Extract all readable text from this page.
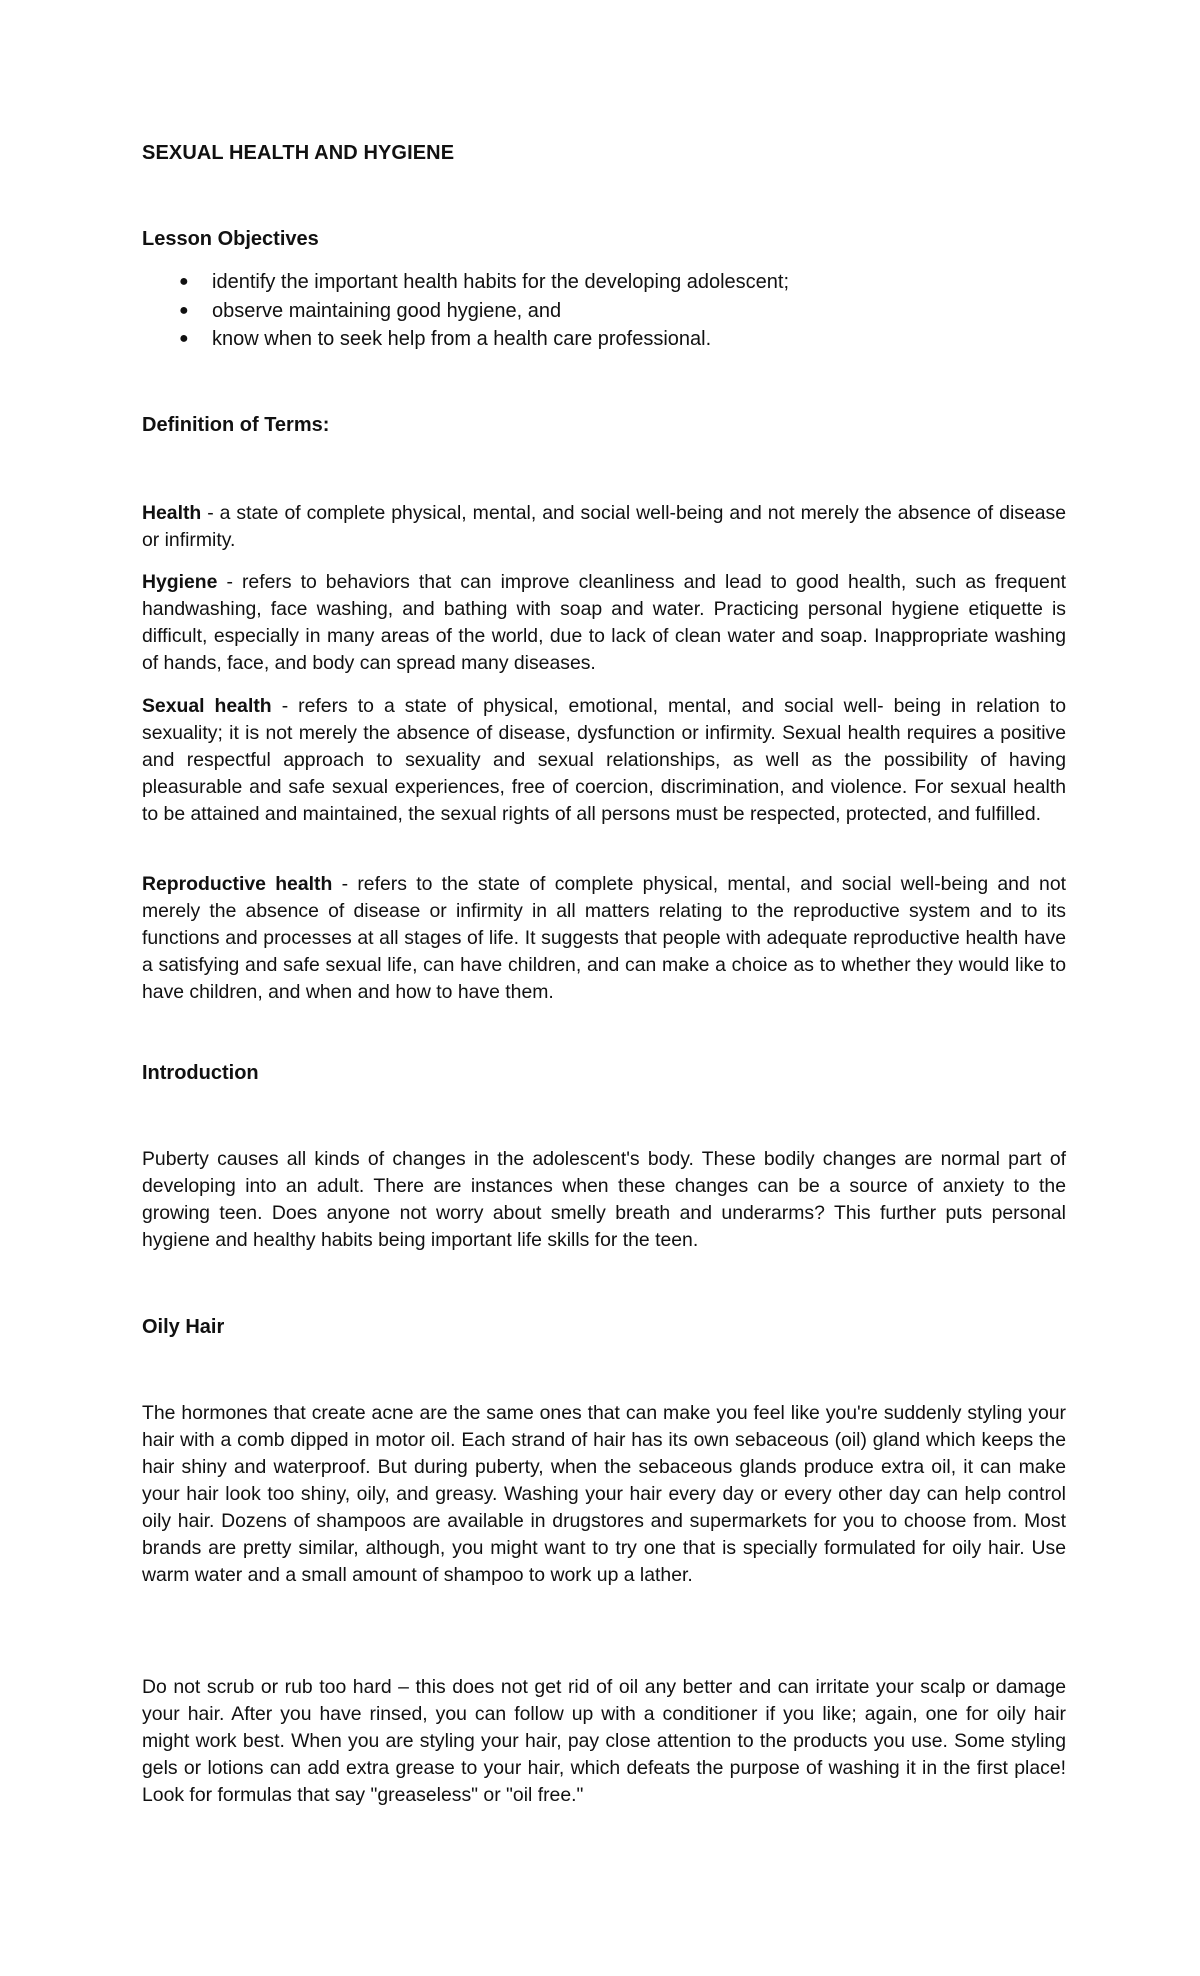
SEXUAL HEALTH AND HYGIENE
Lesson Objectives
● identify the important health habits for the developing adolescent;
● observe maintaining good hygiene, and
● know when to seek help from a health care professional.
Definition of Terms:

Health - a state of complete physical, mental, and social well-being and not merely the absence of disease or infirmity.

Hygiene - refers to behaviors that can improve cleanliness and lead to good health, such as frequent handwashing, face washing, and bathing with soap and water. Practicing personal hygiene etiquette is difficult, especially in many areas of the world, due to lack of clean water and soap. Inappropriate washing of hands, face, and body can spread many diseases.

Sexual health - refers to a state of physical, emotional, mental, and social well- being in relation to sexuality; it is not merely the absence of disease, dysfunction or infirmity. Sexual health requires a positive and respectful approach to sexuality and sexual relationships, as well as the possibility of having pleasurable and safe sexual experiences, free of coercion, discrimination, and violence. For sexual health to be attained and maintained, the sexual rights of all persons must be respected, protected, and fulfilled.

Reproductive health - refers to the state of complete physical, mental, and social well-being and not merely the absence of disease or infirmity in all matters relating to the reproductive system and to its functions and processes at all stages of life. It suggests that people with adequate reproductive health have a satisfying and safe sexual life, can have children, and can make a choice as to whether they would like to have children, and when and how to have them.

Introduction

Puberty causes all kinds of changes in the adolescent's body. These bodily changes are normal part of developing into an adult. There are instances when these changes can be a source of anxiety to the growing teen. Does anyone not worry about smelly breath and underarms? This further puts personal hygiene and healthy habits being important life skills for the teen.

Oily Hair

The hormones that create acne are the same ones that can make you feel like you're suddenly styling your hair with a comb dipped in motor oil. Each strand of hair has its own sebaceous (oil) gland which keeps the hair shiny and waterproof. But during puberty, when the sebaceous glands produce extra oil, it can make your hair look too shiny, oily, and greasy. Washing your hair every day or every other day can help control oily hair. Dozens of shampoos are available in drugstores and supermarkets for you to choose from. Most brands are pretty similar, although, you might want to try one that is specially formulated for oily hair. Use warm water and a small amount of shampoo to work up a lather.

Do not scrub or rub too hard – this does not get rid of oil any better and can irritate your scalp or damage your hair. After you have rinsed, you can follow up with a conditioner if you like; again, one for oily hair might work best. When you are styling your hair, pay close attention to the products you use. Some styling gels or lotions can add extra grease to your hair, which defeats the purpose of washing it in the first place! Look for formulas that say "greaseless" or "oil free."
